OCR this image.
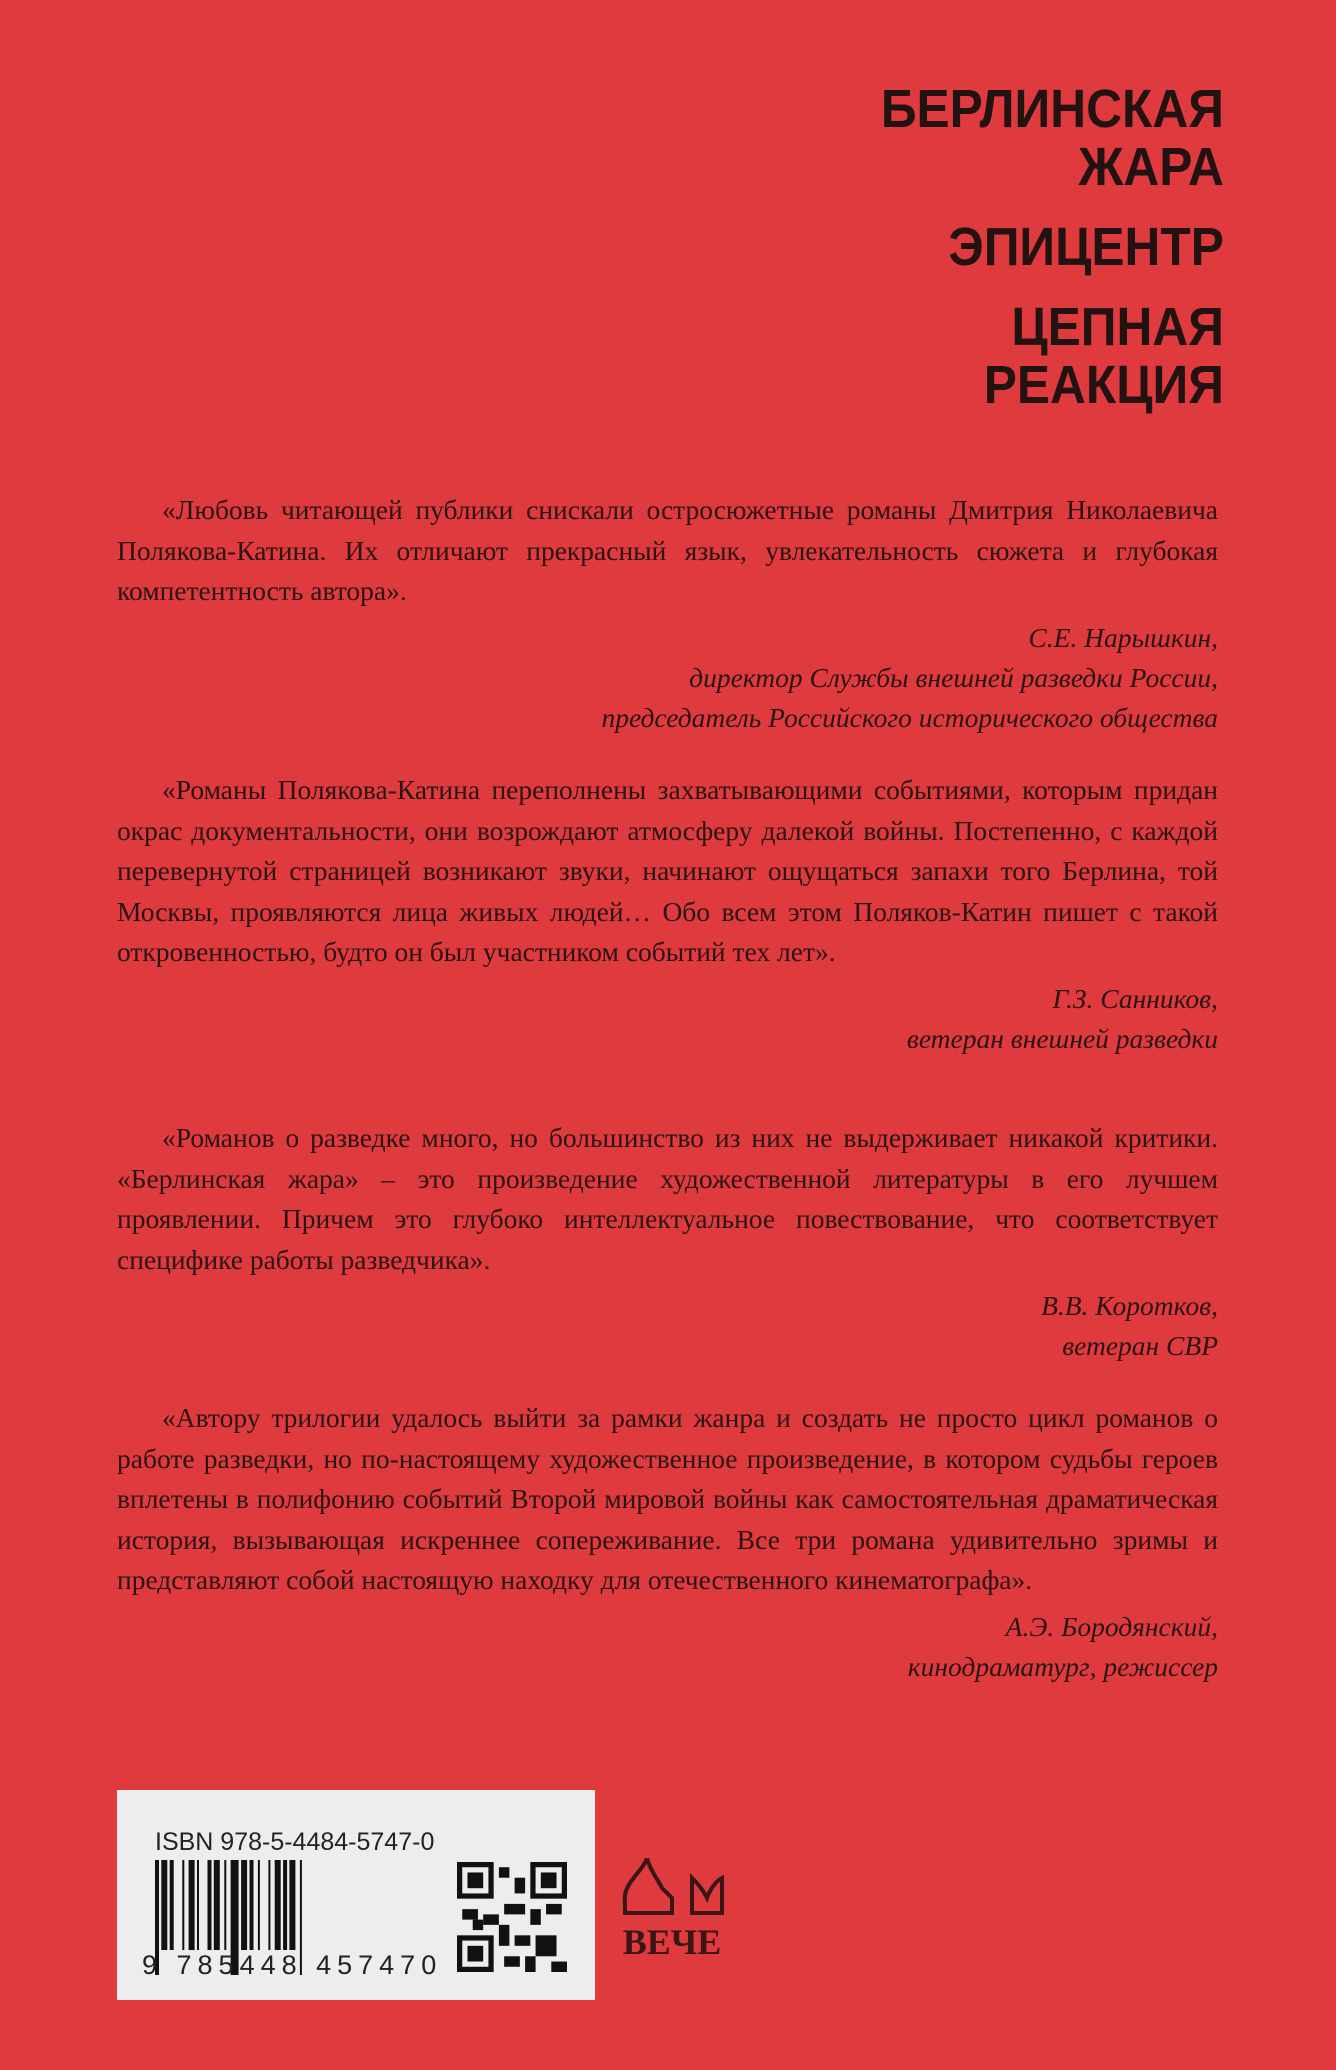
БЕРЛИНСКАЯ
ЖАРА
ЭПИЦЕНТР
ЦЕПНАЯ
РЕАКЦИЯ

«Любовь читающей публики снискали остросюжетные романы Дмитрия Николаевича Полякова-Катина. Их отличают прекрасный язык, увлекательность сюжета и глубокая компетентность автора».

С.Е. Нарышкин,
директор Службы внешней разведки России,
председатель Российского исторического общества

«Романы Полякова-Катина переполнены захватывающими событиями, которым придан окрас документальности, они возрождают атмосферу далекой войны. Постепенно, с каждой перевернутой страницей возникают звуки, начинают ощущаться запахи того Берлина, той Москвы, проявляются лица живых людей… Обо всем этом Поляков-Катин пишет с такой откровенностью, будто он был участником событий тех лет».

Г.З. Санников,
ветеран внешней разведки

«Романов о разведке много, но большинство из них не выдерживает никакой критики. «Берлинская жара» – это произведение художественной литературы в его лучшем проявлении. Причем это глубоко интеллектуальное повествование, что соответствует специфике работы разведчика».

В.В. Коротков,
ветеран СВР

«Автору трилогии удалось выйти за рамки жанра и создать не просто цикл романов о работе разведки, но по-настоящему художественное произведение, в котором судьбы героев вплетены в полифонию событий Второй мировой войны как самостоятельная драматическая история, вызывающая искреннее сопереживание. Все три романа удивительно зримы и представляют собой настоящую находку для отечественного кинематографа».

А.Э. Бородянский,
кинодраматург, режиссер
ISBN 978-5-4484-5747-0
9 785448 457470
ВЕЧЕ
